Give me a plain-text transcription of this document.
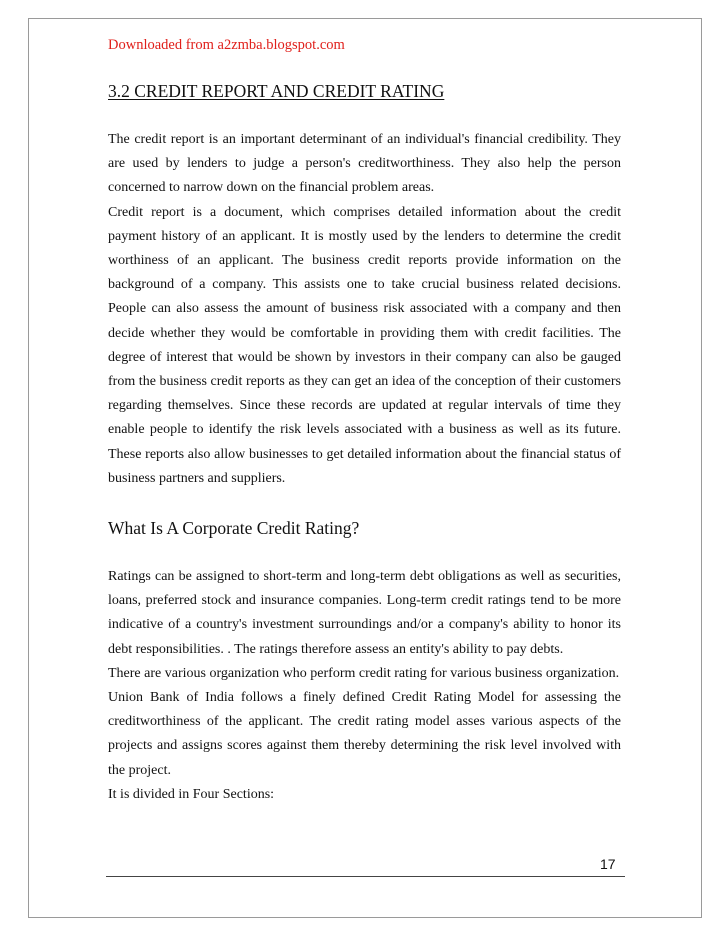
Downloaded from a2zmba.blogspot.com

3.2 CREDIT REPORT AND CREDIT RATING

The credit report is an important determinant of an individual's financial credibility. They are used by lenders to judge a person's creditworthiness. They also help the person concerned to narrow down on the financial problem areas.

Credit report is a document, which comprises detailed information about the credit payment history of an applicant. It is mostly used by the lenders to determine the credit worthiness of an applicant. The business credit reports provide information on the background of a company. This assists one to take crucial business related decisions. People can also assess the amount of business risk associated with a company and then decide whether they would be comfortable in providing them with credit facilities. The degree of interest that would be shown by investors in their company can also be gauged from the business credit reports as they can get an idea of the conception of their customers regarding themselves. Since these records are updated at regular intervals of time they enable people to identify the risk levels associated with a business as well as its future. These reports also allow businesses to get detailed information about the financial status of business partners and suppliers.

What Is A Corporate Credit Rating?

Ratings can be assigned to short-term and long-term debt obligations as well as securities, loans, preferred stock and insurance companies. Long-term credit ratings tend to be more indicative of a country's investment surroundings and/or a company's ability to honor its debt responsibilities. . The ratings therefore assess an entity's ability to pay debts.

There are various organization who perform credit rating for various business organization.

Union Bank of India follows a finely defined Credit Rating Model for assessing the creditworthiness of the applicant. The credit rating model asses various aspects of the projects and assigns scores against them thereby determining the risk level involved with the project.

It is divided in Four Sections:

17
